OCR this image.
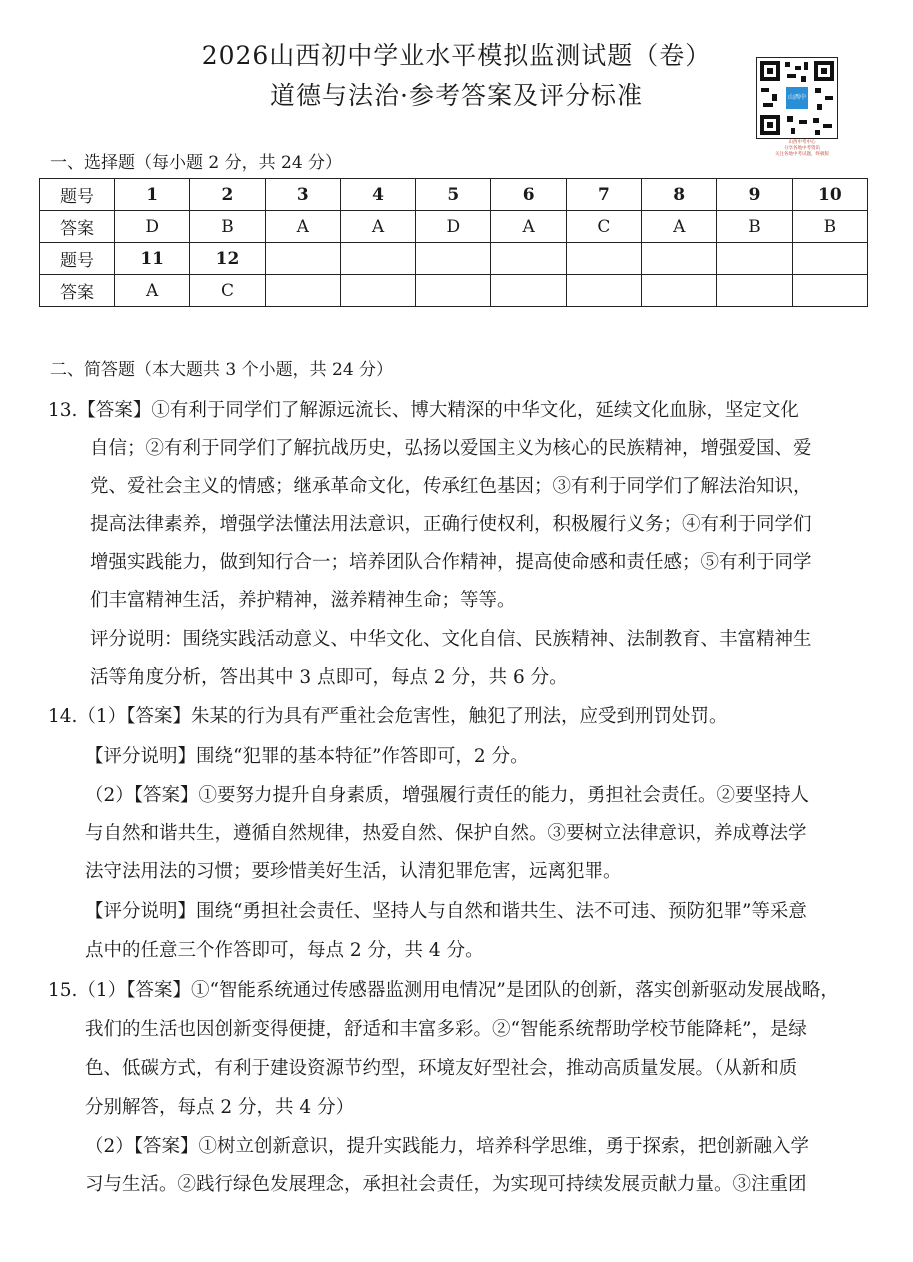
2026山西初中学业水平模拟监测试题（卷）
道德与法治·参考答案及评分标准	山西中考
山西中考中心
分享各地中考资讯
关注各地中考试题，终极版
一、选择题（每小题 2 分，共 24 分）
题号	1	2	3	4	5	6	7	8	9	10
答案	D	B	A	A	D	A	C	A	B	B
题号	11	12								
答案	A	C								
二、简答题（本大题共 3 个小题，共 24 分）
13.【答案】①有利于同学们了解源远流长、博大精深的中华文化，延续文化血脉，坚定文化
自信；②有利于同学们了解抗战历史，弘扬以爱国主义为核心的民族精神，增强爱国、爱
党、爱社会主义的情感；继承革命文化，传承红色基因；③有利于同学们了解法治知识，
提高法律素养，增强学法懂法用法意识，正确行使权利，积极履行义务；④有利于同学们
增强实践能力，做到知行合一；培养团队合作精神，提高使命感和责任感；⑤有利于同学
们丰富精神生活，养护精神，滋养精神生命；等等。
评分说明：围绕实践活动意义、中华文化、文化自信、民族精神、法制教育、丰富精神生
活等角度分析，答出其中 3 点即可，每点 2 分，共 6 分。
14.（1）【答案】朱某的行为具有严重社会危害性，触犯了刑法，应受到刑罚处罚。
【评分说明】围绕“犯罪的基本特征”作答即可，2 分。
（2）【答案】①要努力提升自身素质，增强履行责任的能力，勇担社会责任。②要坚持人
与自然和谐共生，遵循自然规律，热爱自然、保护自然。③要树立法律意识，养成尊法学
法守法用法的习惯；要珍惜美好生活，认清犯罪危害，远离犯罪。
【评分说明】围绕“勇担社会责任、坚持人与自然和谐共生、法不可违、预防犯罪”等采意
点中的任意三个作答即可，每点 2 分，共 4 分。
15.（1）【答案】①“智能系统通过传感器监测用电情况”是团队的创新，落实创新驱动发展战略，
我们的生活也因创新变得便捷，舒适和丰富多彩。②“智能系统帮助学校节能降耗”，是绿
色、低碳方式，有利于建设资源节约型，环境友好型社会，推动高质量发展。（从新和质
分别解答，每点 2 分，共 4 分）
（2）【答案】①树立创新意识，提升实践能力，培养科学思维，勇于探索，把创新融入学
习与生活。②践行绿色发展理念，承担社会责任，为实现可持续发展贡献力量。③注重团
